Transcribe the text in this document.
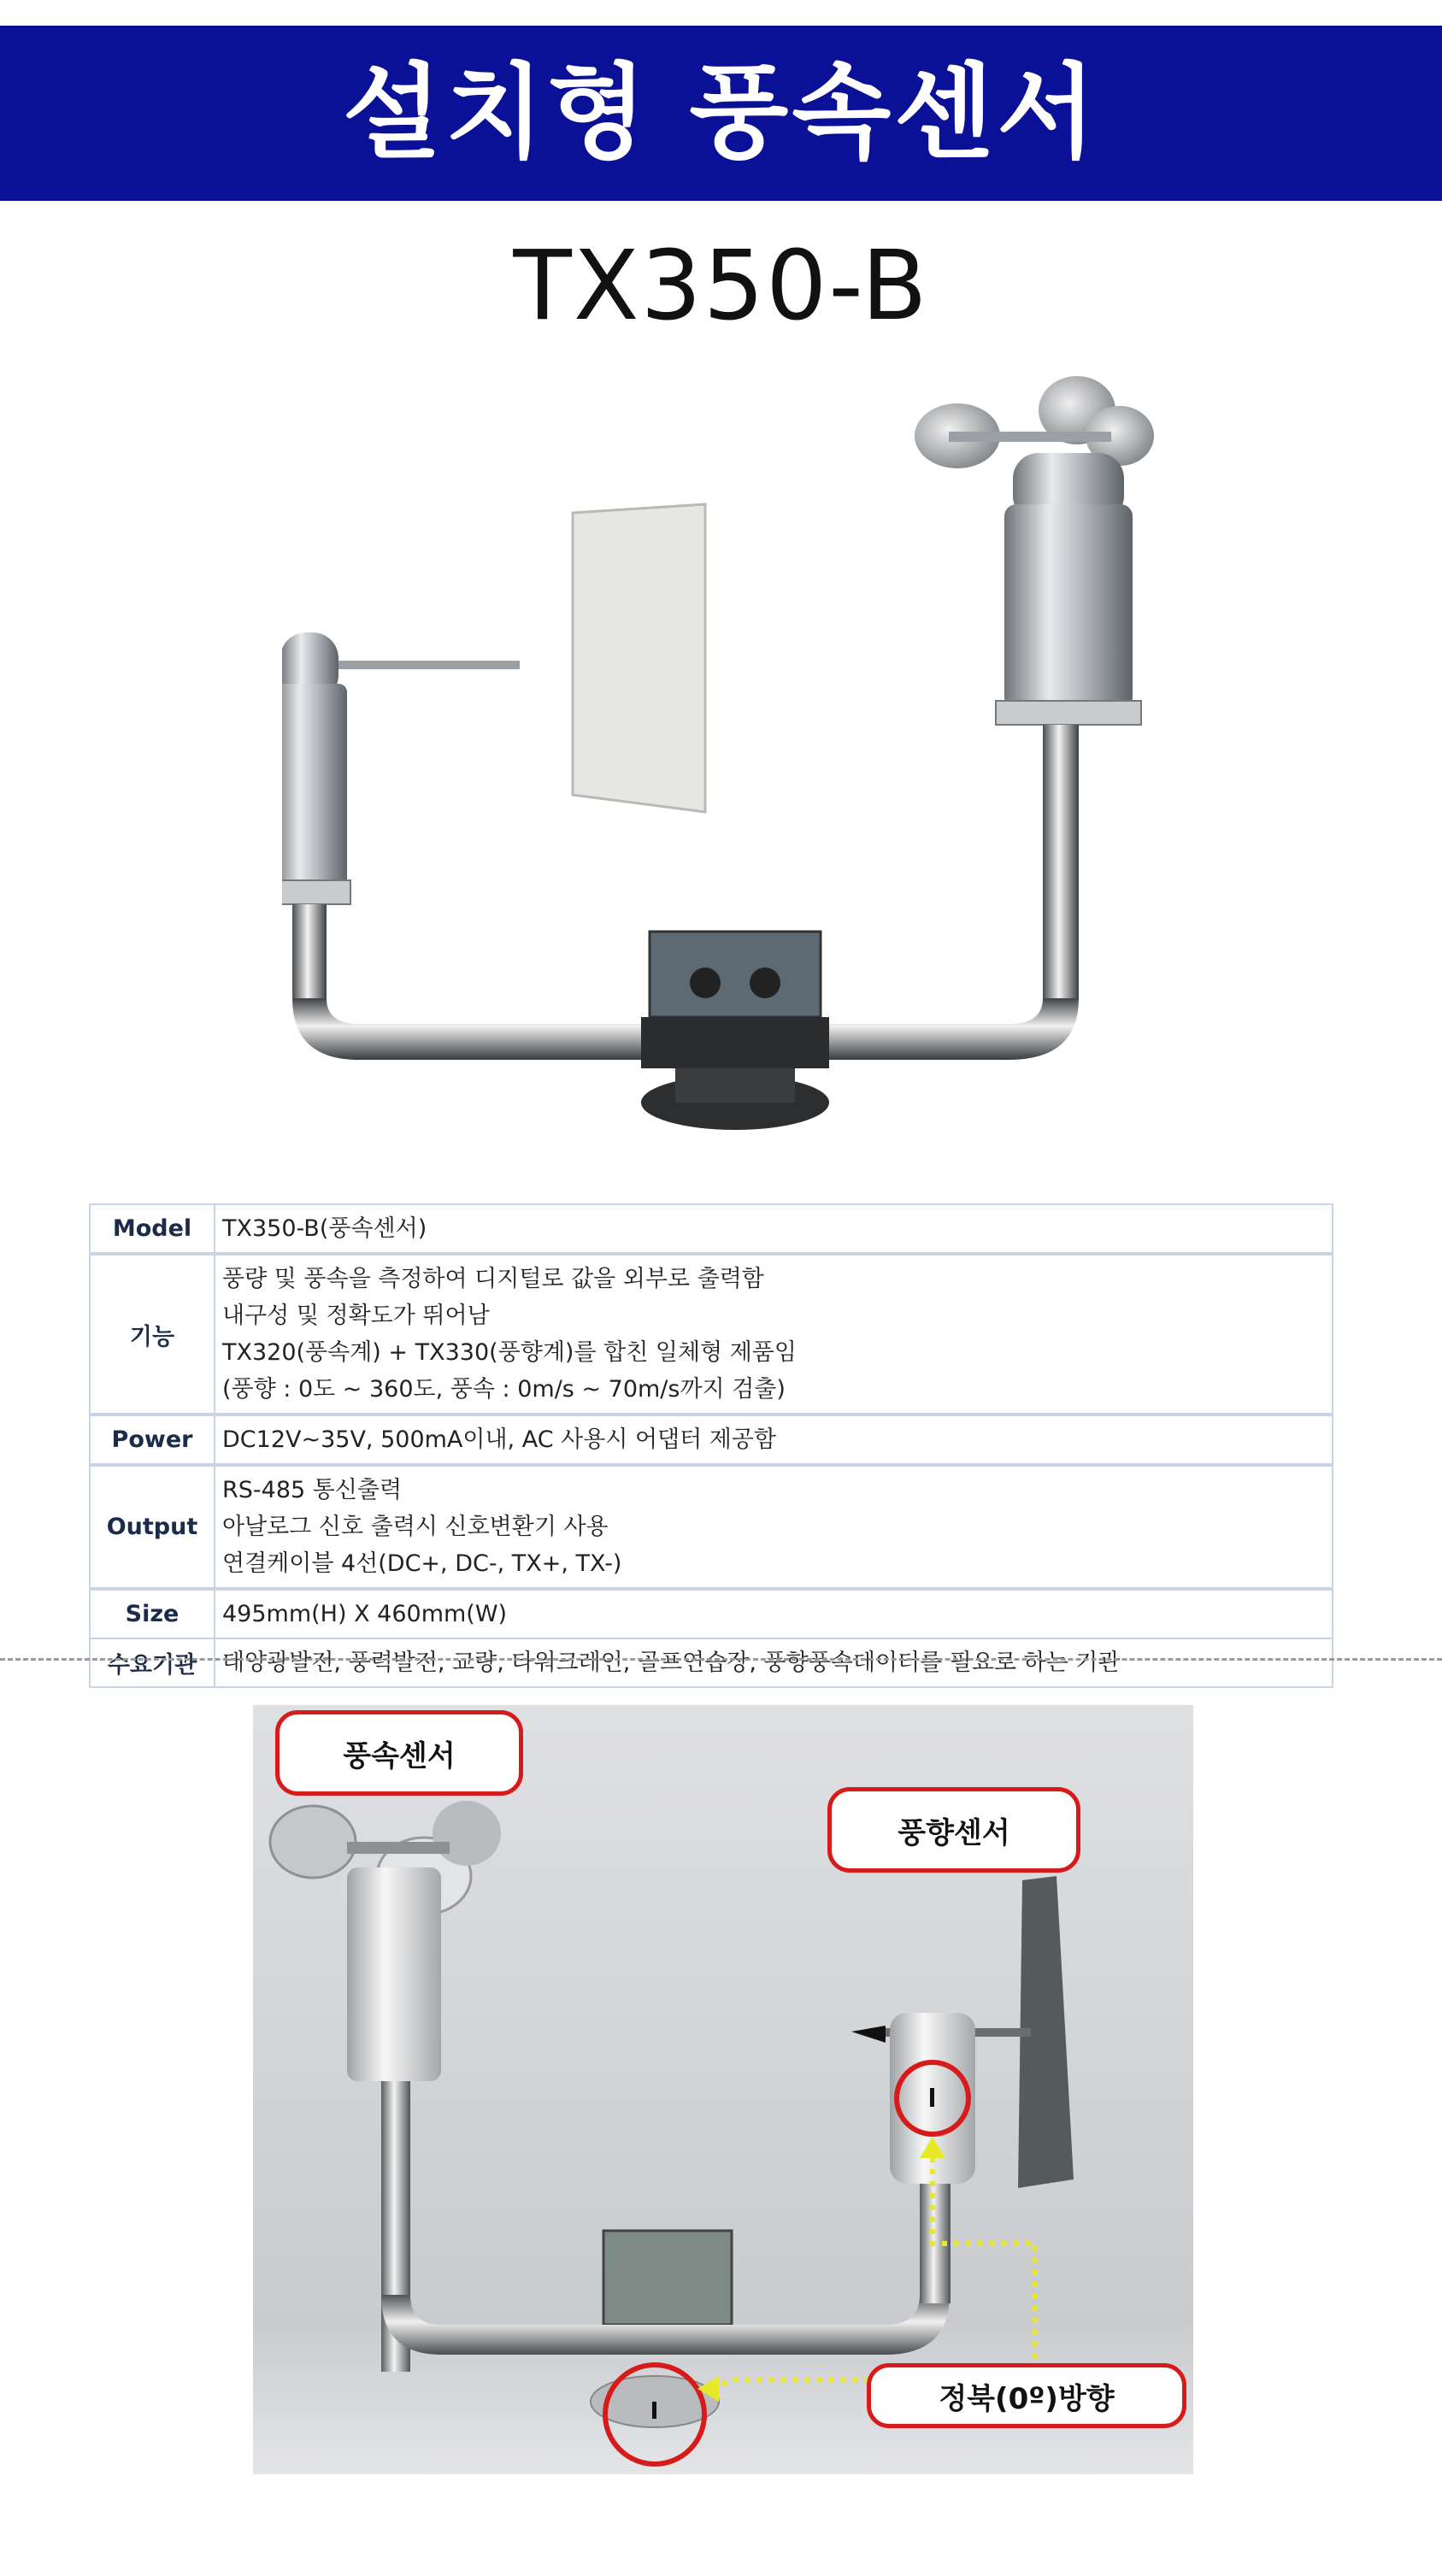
설치형 풍속센서
TX350-B
Model	TX350-B(풍속센서)

기능	풍량 및 풍속을 측정하여 디지털로 값을 외부로 출력함
내구성 및 정확도가 뛰어남
TX320(풍속계) + TX330(풍향계)를 합친 일체형 제품임
(풍향 : 0도 ~ 360도, 풍속 : 0m/s ~ 70m/s까지 검출)

Power	DC12V~35V, 500mA이내, AC 사용시 어댑터 제공함

Output	RS-485 통신출력
아날로그 신호 출력시 신호변환기 사용
연결케이블 4선(DC+, DC-, TX+, TX-)

Size	495mm(H) X 460mm(W)

수요기관	태양광발전, 풍력발전, 교량, 타워크레인, 골프연습장, 풍향풍속데이터를 필요로 하는 기관
풍속센서
풍향센서
정북(0º)방향
